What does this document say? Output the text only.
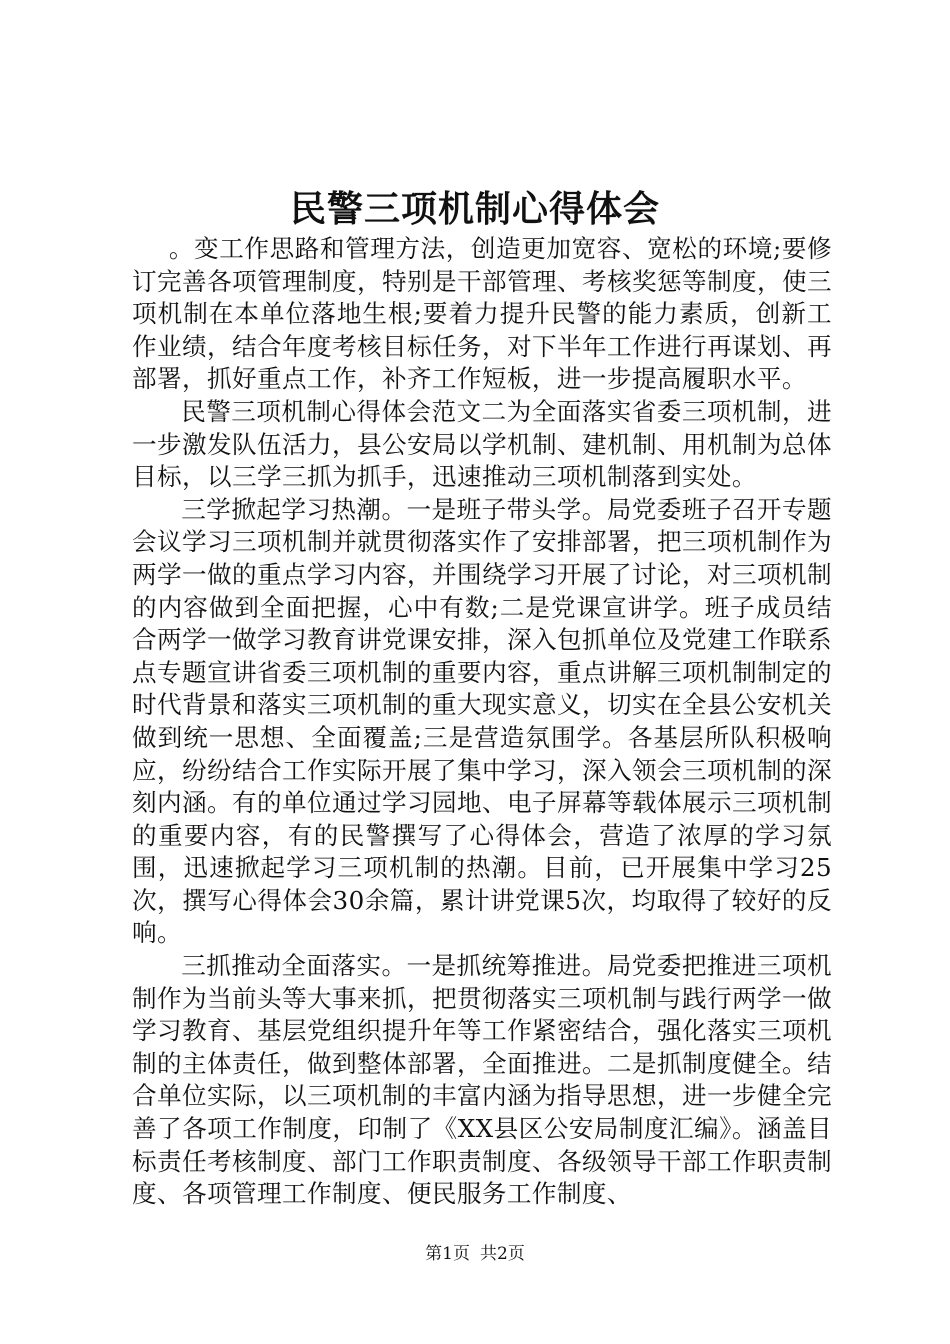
民警三项机制心得体会

。变工作思路和管理方法，创造更加宽容、宽松的环境;要修订完善各项管理制度，特别是干部管理、考核奖惩等制度，使三项机制在本单位落地生根;要着力提升民警的能力素质，创新工作业绩，结合年度考核目标任务，对下半年工作进行再谋划、再部署，抓好重点工作，补齐工作短板，进一步提高履职水平。

民警三项机制心得体会范文二为全面落实省委三项机制，进一步激发队伍活力，县公安局以学机制、建机制、用机制为总体目标，以三学三抓为抓手，迅速推动三项机制落到实处。

三学掀起学习热潮。一是班子带头学。局党委班子召开专题会议学习三项机制并就贯彻落实作了安排部署，把三项机制作为两学一做的重点学习内容，并围绕学习开展了讨论，对三项机制的内容做到全面把握，心中有数;二是党课宣讲学。班子成员结合两学一做学习教育讲党课安排，深入包抓单位及党建工作联系点专题宣讲省委三项机制的重要内容，重点讲解三项机制制定的时代背景和落实三项机制的重大现实意义，切实在全县公安机关做到统一思想、全面覆盖;三是营造氛围学。各基层所队积极响应，纷纷结合工作实际开展了集中学习，深入领会三项机制的深刻内涵。有的单位通过学习园地、电子屏幕等载体展示三项机制的重要内容，有的民警撰写了心得体会，营造了浓厚的学习氛围，迅速掀起学习三项机制的热潮。目前，已开展集中学习25次，撰写心得体会30余篇，累计讲党课5次，均取得了较好的反响。

三抓推动全面落实。一是抓统筹推进。局党委把推进三项机制作为当前头等大事来抓，把贯彻落实三项机制与践行两学一做学习教育、基层党组织提升年等工作紧密结合，强化落实三项机制的主体责任，做到整体部署，全面推进。二是抓制度健全。结合单位实际，以三项机制的丰富内涵为指导思想，进一步健全完善了各项工作制度，印制了《XX县区公安局制度汇编》。涵盖目标责任考核制度、部门工作职责制度、各级领导干部工作职责制度、各项管理工作制度、便民服务工作制度、

第1页 共2页
